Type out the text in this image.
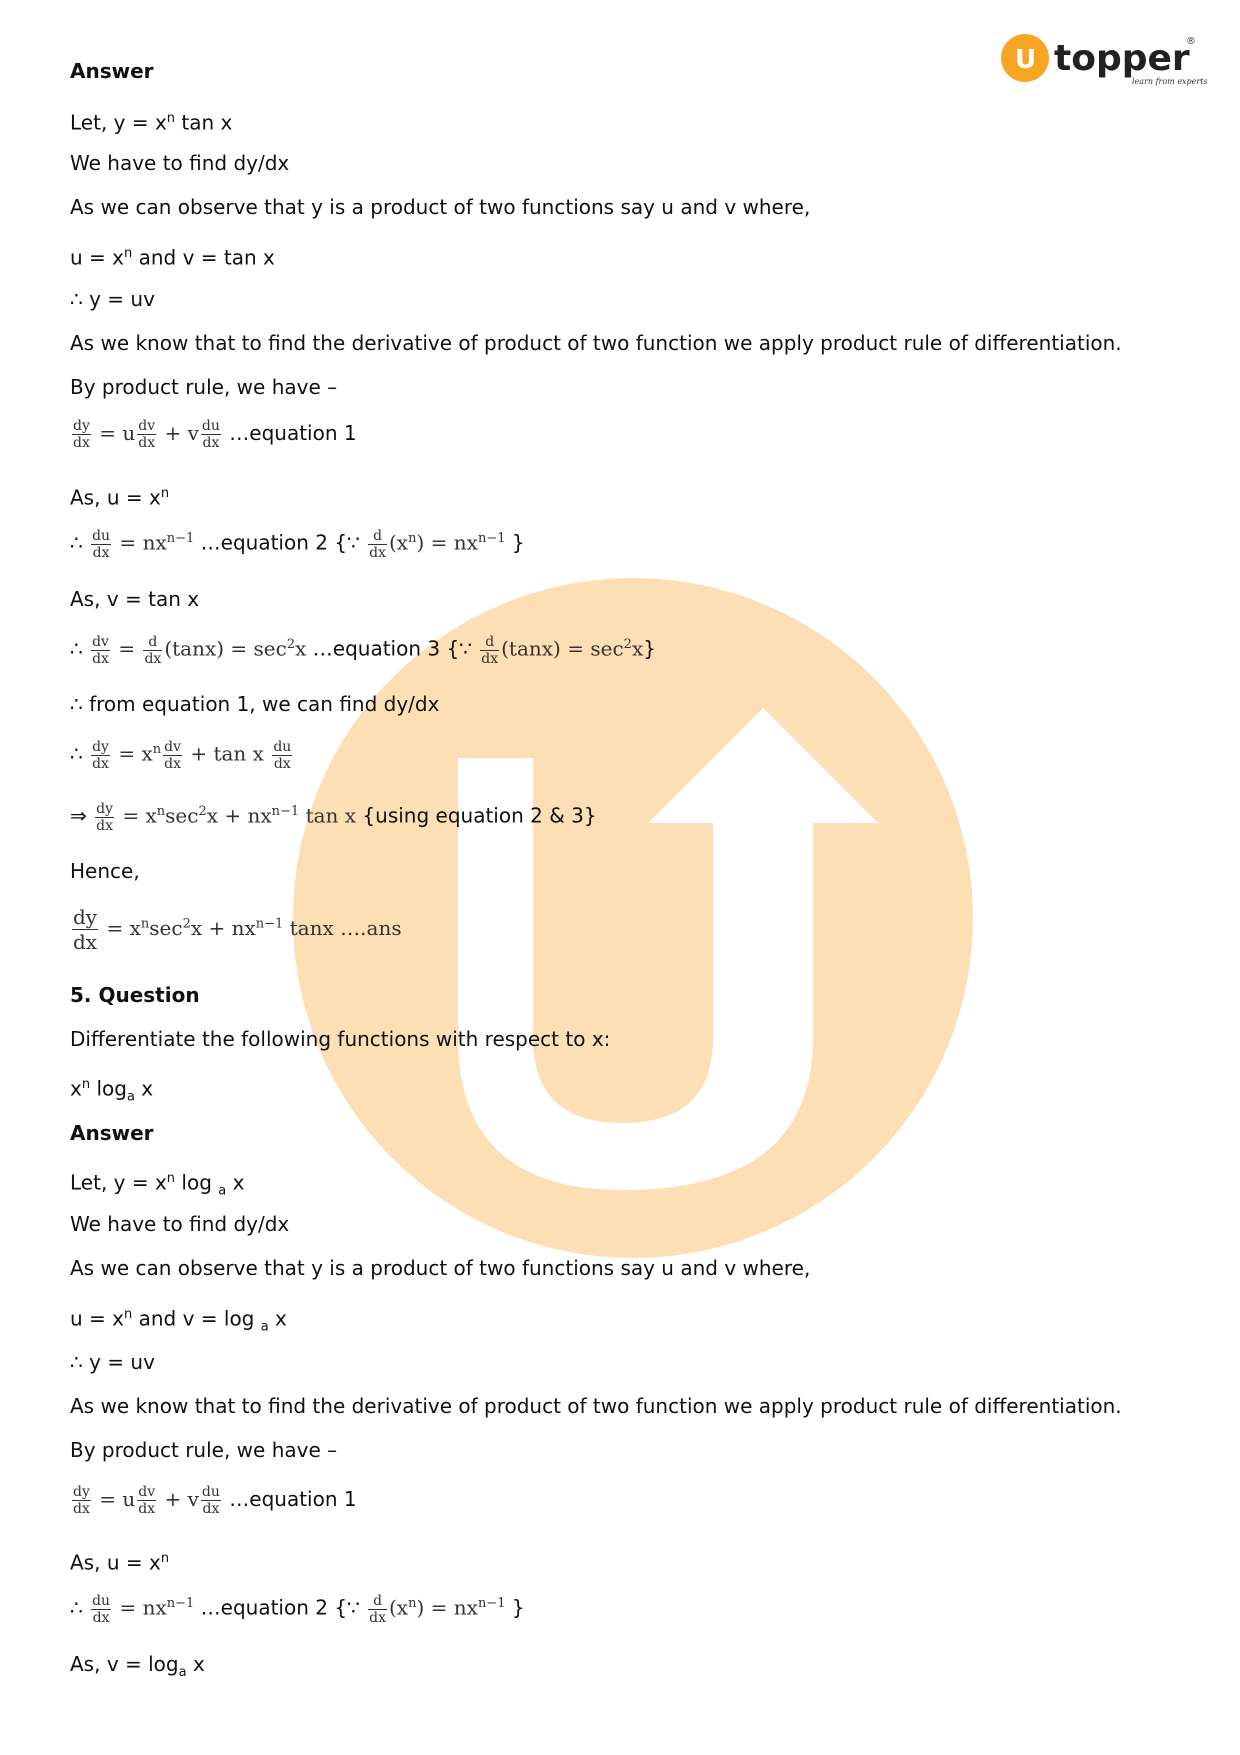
U topper
learn from experts
®
Answer
Let, $y = x^n$ tan x
We have to find dy/dx
As we can observe that y is a product of two functions say u and v where,
$u = x^n$ and v = tan x
∴ y = uv
As we know that to find the derivative of product of two function we apply product rule of differentiation.
By product rule, we have –
$\frac{dy}{dx} = u \frac{dv}{dx} + v \frac{du}{dx}$ …equation 1
As, $u = x^n$
∴ $\frac{du}{dx} = nx^{n-1}$ …equation 2 {∵ $\frac{d}{dx} (x^n) = nx^{n-1}$ }
As, v = tan x
∴ $\frac{dv}{dx} = \frac{d}{dx} (\tan x) = \sec^2x$ …equation 3 {∵ $\frac{d}{dx} (\tan x) = \sec^2x$}
∴ from equation 1, we can find dy/dx
∴ $\frac{dy}{dx} = x^n \frac{dv}{dx} + \tan x \frac{du}{dx}$
⇒ $\frac{dy}{dx} = x^n\sec^2x + nx^{n-1}$ tan x {using equation 2 & 3}
Hence,
$\frac{dy}{dx} = x^n\sec^2x + nx^{n-1}$ tanx ….ans
5. Question
Differentiate the following functions with respect to x:
$x^n$ $\log_a x$
Answer
Let, $y = x^n$ log $_a$ x
We have to find dy/dx
As we can observe that y is a product of two functions say u and v where,
$u = x^n$ and v = log $_a$ x
∴ y = uv
As we know that to find the derivative of product of two function we apply product rule of differentiation.
By product rule, we have –
$\frac{dy}{dx} = u \frac{dv}{dx} + v \frac{du}{dx}$ …equation 1
As, $u = x^n$
∴ $\frac{du}{dx} = nx^{n-1}$ …equation 2 {∵ $\frac{d}{dx} (x^n) = nx^{n-1}$ }
As, $v = \log_a x$
